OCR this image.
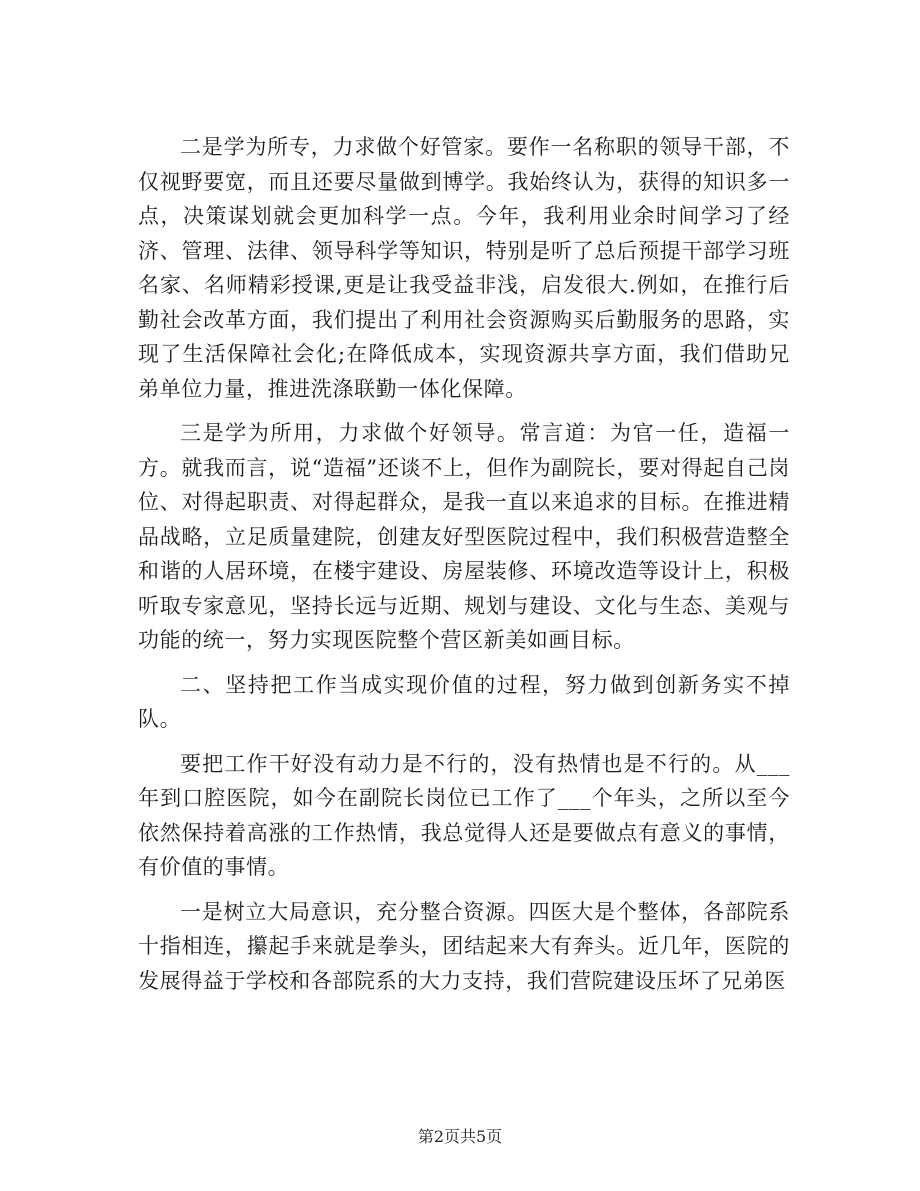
二是学为所专，力求做个好管家。要作一名称职的领导干部，不仅视野要宽，而且还要尽量做到博学。我始终认为，获得的知识多一点，决策谋划就会更加科学一点。今年，我利用业余时间学习了经济、管理、法律、领导科学等知识，特别是听了总后预提干部学习班名家、名师精彩授课,更是让我受益非浅，启发很大.例如，在推行后勤社会改革方面，我们提出了利用社会资源购买后勤服务的思路，实现了生活保障社会化;在降低成本，实现资源共享方面，我们借助兄弟单位力量，推进洗涤联勤一体化保障。

三是学为所用，力求做个好领导。常言道：为官一任，造福一方。就我而言，说“造福”还谈不上，但作为副院长，要对得起自己岗位、对得起职责、对得起群众，是我一直以来追求的目标。在推进精品战略，立足质量建院，创建友好型医院过程中，我们积极营造整全和谐的人居环境，在楼宇建设、房屋装修、环境改造等设计上，积极听取专家意见，坚持长远与近期、规划与建设、文化与生态、美观与功能的统一，努力实现医院整个营区新美如画目标。

二、坚持把工作当成实现价值的过程，努力做到创新务实不掉队。

要把工作干好没有动力是不行的，没有热情也是不行的。从___年到口腔医院，如今在副院长岗位已工作了___个年头，之所以至今依然保持着高涨的工作热情，我总觉得人还是要做点有意义的事情，有价值的事情。

一是树立大局意识，充分整合资源。四医大是个整体，各部院系十指相连，攥起手来就是拳头，团结起来大有奔头。近几年，医院的发展得益于学校和各部院系的大力支持，我们营院建设压坏了兄弟医

第2页共5页
